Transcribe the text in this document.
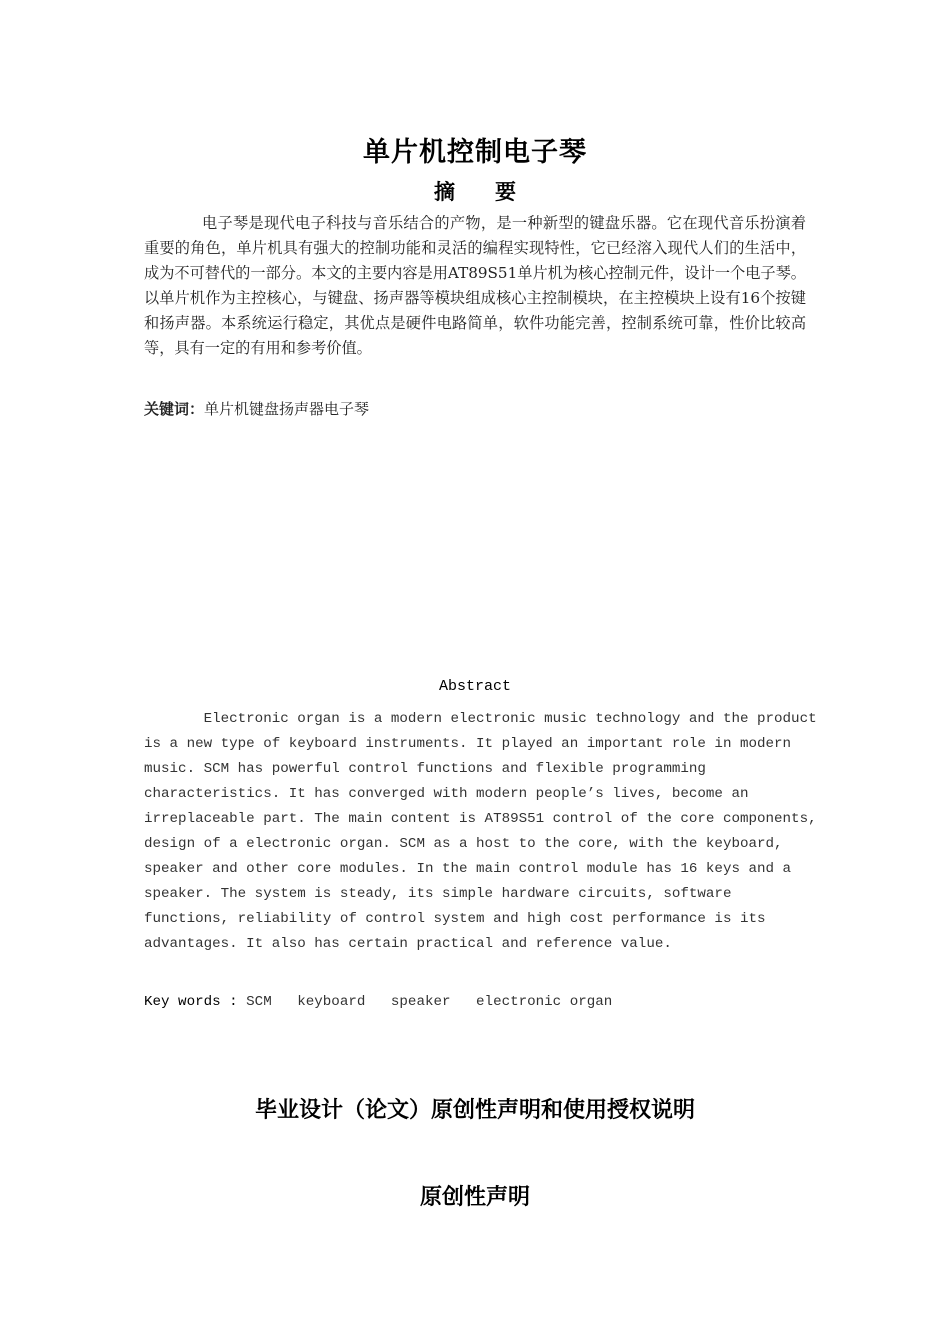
单片机控制电子琴
摘 要
电子琴是现代电子科技与音乐结合的产物，是一种新型的键盘乐器。它在现代音乐扮演着重要的角色，单片机具有强大的控制功能和灵活的编程实现特性，它已经溶入现代人们的生活中，成为不可替代的一部分。本文的主要内容是用AT89S51单片机为核心控制元件，设计一个电子琴。以单片机作为主控核心，与键盘、扬声器等模块组成核心主控制模块，在主控模块上设有16个按键和扬声器。本系统运行稳定，其优点是硬件电路简单，软件功能完善，控制系统可靠，性价比较高等，具有一定的有用和参考价值。
关键词：单片机键盘扬声器电子琴
Abstract

Electronic organ is a modern electronic music technology and the product

is a new type of keyboard instruments. It played an important role in modern

music. SCM has powerful control functions and flexible programming

characteristics. It has converged with modern people’s lives, become an

irreplaceable part. The main content is AT89S51 control of the core components,

design of a electronic organ. SCM as a host to the core, with the keyboard,

speaker and other core modules. In the main control module has 16 keys and a

speaker. The system is steady, its simple hardware circuits, software

functions, reliability of control system and high cost performance is its

advantages. It also has certain practical and reference value.

Key words : SCM   keyboard   speaker   electronic organ
毕业设计（论文）原创性声明和使用授权说明
原创性声明
